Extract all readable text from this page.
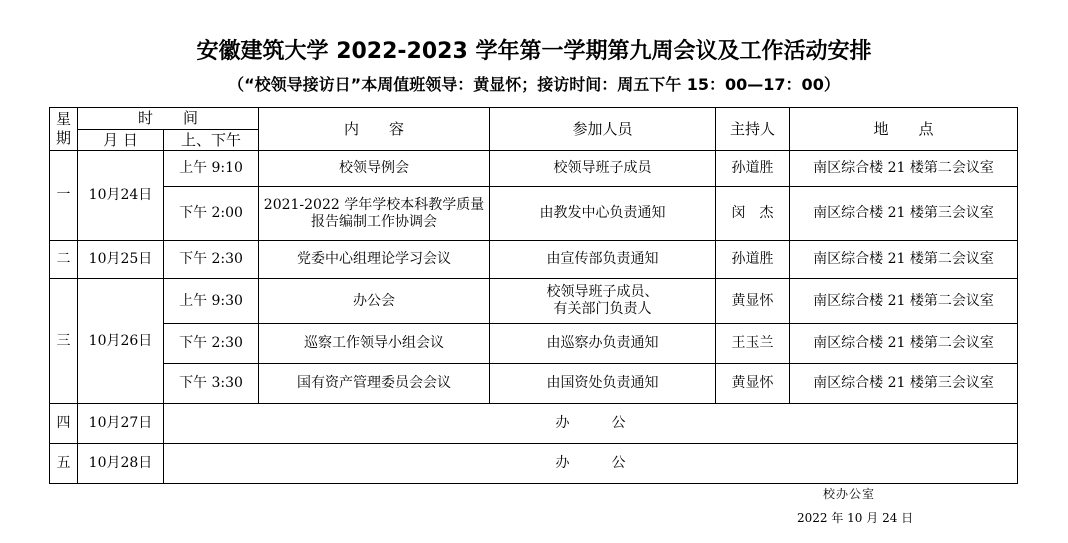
安徽建筑大学 2022-2023 学年第一学期第九周会议及工作活动安排
（“校领导接访日”本周值班领导：黄显怀；接访时间：周五下午 15：00—17：00）
星期	时　　间		内　　容	参加人员	主持人	地　　点
	月 日	上、下午				
一	10月24日	上午 9:10	校领导例会	校领导班子成员	孙道胜	南区综合楼 21 楼第二会议室
		下午 2:00	2021-2022 学年学校本科教学质量报告编制工作协调会	由教发中心负责通知	闵　杰	南区综合楼 21 楼第三会议室
二	10月25日	下午 2:30	党委中心组理论学习会议	由宣传部负责通知	孙道胜	南区综合楼 21 楼第二会议室
三	10月26日	上午 9:30	办公会	校领导班子成员、有关部门负责人	黄显怀	南区综合楼 21 楼第二会议室
		下午 2:30	巡察工作领导小组会议	由巡察办负责通知	王玉兰	南区综合楼 21 楼第二会议室
		下午 3:30	国有资产管理委员会会议	由国资处负责通知	黄显怀	南区综合楼 21 楼第三会议室
四	10月27日	办　　　公				
五	10月28日	办　　　公				
校办公室
2022 年 10 月 24 日
